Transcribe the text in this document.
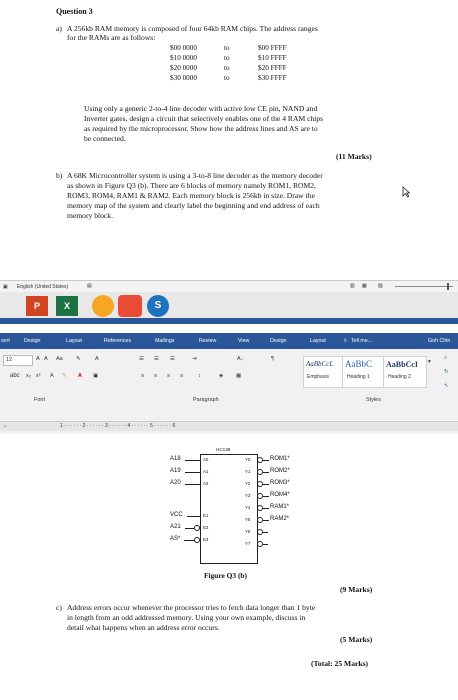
Question 3
a) A 256kb RAM memory is composed of four 64kb RAM chips. The address ranges
for the RAMs are as follows:
$00 0000	to	$00 FFFF
$10 0000	to	$10 FFFF
$20 0000	to	$20 FFFF
$30 0000	to	$30 FFFF
Using only a generic 2-to-4 line decoder with active low CE pin, NAND and
Inverter gates, design a circuit that selectively enables one of the 4 RAM chips
as required by the microprocessor. Show how the address lines and AS are to
be connected.
(11 Marks)
b) A 68K Microcontroller system is using a 3-to-8 line decoder as the memory decoder
as shown in Figure Q3 (b). There are 6 blocks of memory namely ROM1, ROM2,
ROM3, ROM4, RAM1 & RAM2. Each memory block is 256kb in size. Draw the
memory map of the system and clearly label the beginning and end address of each
memory block.
▣ English (United States)	▤	▥ ▦ ▧
P	X	S
sert	Design	Layout	References	Mailings	Review	View	Design	Layout	◊ Tell me...	Goh Chin
12	A A Aa ✎	A
abc x₂ x² A ✎ A ▣
Font
☰ ☰ ☰	⇥	A↓	¶
≡ ≡ ≡ ≡	↕	◈ ▦
Paragraph
AaBbCcL
Emphasis
AaBbC
Heading 1
AaBbCcI
Heading 2
▾
Styles
⌕
↻
↖
∟	1 · · · · · · 2 · · · · · · 3 · · · · · · 4 · · · · · · 5 · · · · · · 6
HC138
A18	A0
A19	A1
A20	A2
VCC	E1
A21	E2
AS*	E3
Y0	ROM1*
Y1	ROM2*
Y2	ROM3*
Y3	ROM4*
Y4	RAM1*
Y5	RAM2*
Y6
Y7
Figure Q3 (b)
(9 Marks)
c) Address errors occur whenever the processor tries to fetch data longer than 1 byte
in length from an odd addressed memory. Using your own example, discuss in
detail what happens when an address error occurs.
(5 Marks)
(Total: 25 Marks)
